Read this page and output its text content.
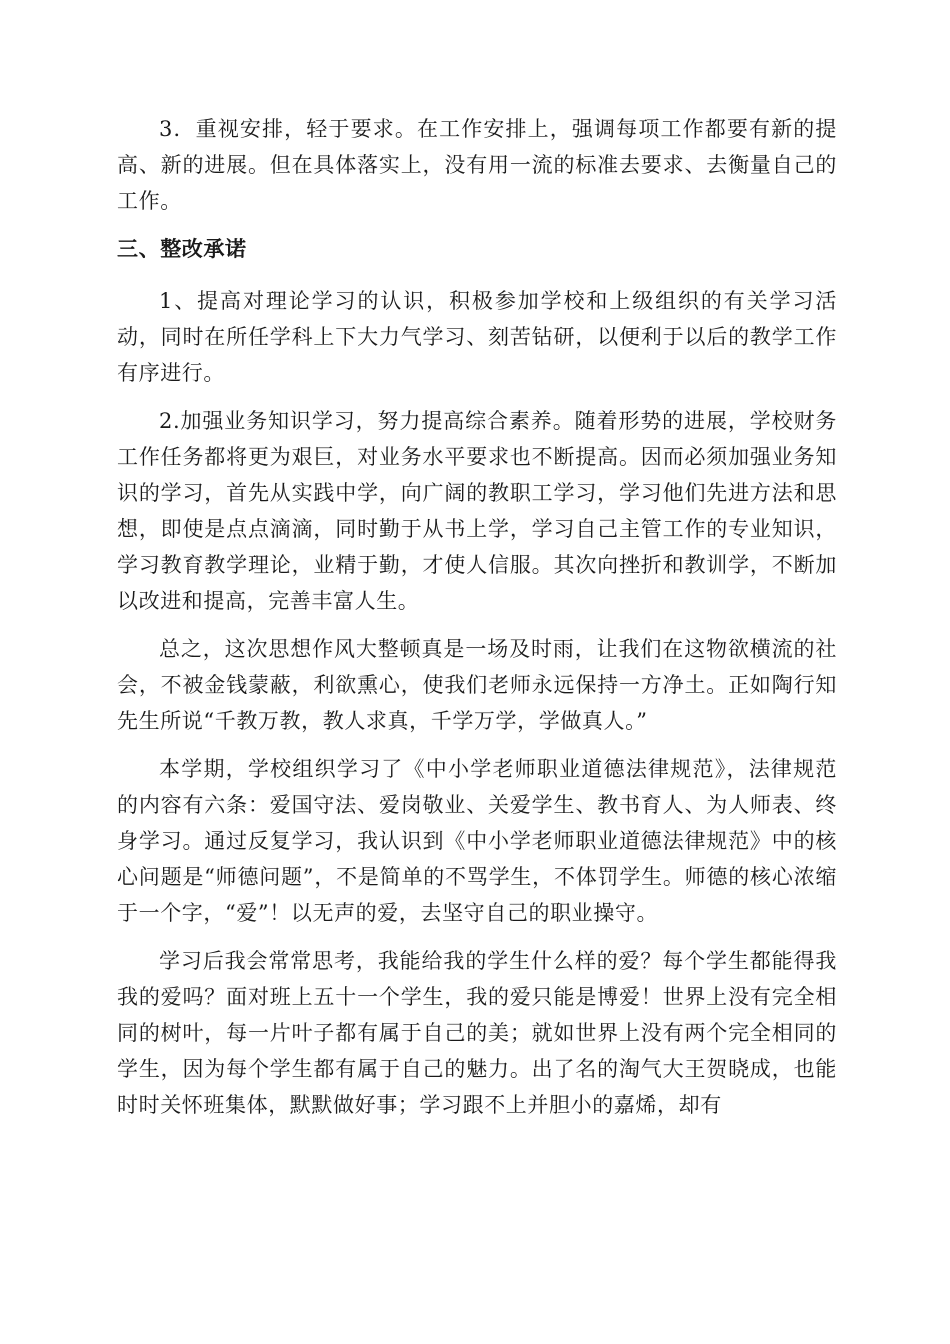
3．重视安排，轻于要求。在工作安排上，强调每项工作都要有新的提高、新的进展。但在具体落实上，没有用一流的标准去要求、去衡量自己的工作。

三、整改承诺

1、提高对理论学习的认识，积极参加学校和上级组织的有关学习活动，同时在所任学科上下大力气学习、刻苦钻研，以便利于以后的教学工作有序进行。

2.加强业务知识学习，努力提高综合素养。随着形势的进展，学校财务工作任务都将更为艰巨，对业务水平要求也不断提高。因而必须加强业务知识的学习，首先从实践中学，向广阔的教职工学习，学习他们先进方法和思想，即使是点点滴滴，同时勤于从书上学，学习自己主管工作的专业知识，学习教育教学理论，业精于勤，才使人信服。其次向挫折和教训学，不断加以改进和提高，完善丰富人生。

总之，这次思想作风大整顿真是一场及时雨，让我们在这物欲横流的社会，不被金钱蒙蔽，利欲熏心，使我们老师永远保持一方净土。正如陶行知先生所说“千教万教，教人求真，千学万学，学做真人。”

本学期，学校组织学习了《中小学老师职业道德法律规范》，法律规范的内容有六条：爱国守法、爱岗敬业、关爱学生、教书育人、为人师表、终身学习。通过反复学习，我认识到《中小学老师职业道德法律规范》中的核心问题是“师德问题”，不是简单的不骂学生，不体罚学生。师德的核心浓缩于一个字，“爱”！以无声的爱，去坚守自己的职业操守。

学习后我会常常思考，我能给我的学生什么样的爱？每个学生都能得我我的爱吗？面对班上五十一个学生，我的爱只能是博爱！世界上没有完全相同的树叶，每一片叶子都有属于自己的美；就如世界上没有两个完全相同的学生，因为每个学生都有属于自己的魅力。出了名的淘气大王贺晓成，也能时时关怀班集体，默默做好事；学习跟不上并胆小的嘉烯，却有
